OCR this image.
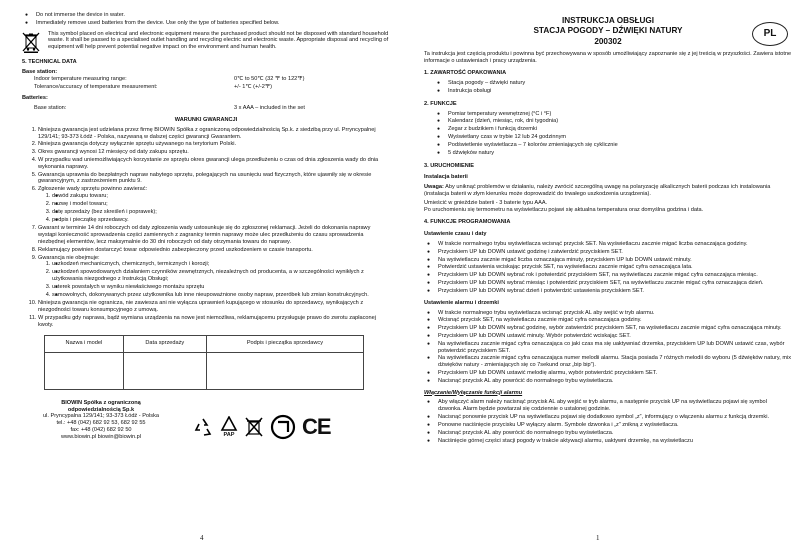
● Do not immerse the device in water.
● Immediately remove used batteries from the device. Use only the type of batteries specified below.

This symbol placed on electrical and electronic equipment means the purchased product should not be disposed with standard household waste. It shall be passed to a specialised outlet handling and recycling electric and electronic waste. Appropriate disposal and recycling of equipment will help prevent potential negative impact on the environment and human health.

5. TECHNICAL DATA
Base station:
Indoor temperature measuring range:	0℃ to 50℃ (32 ℉ to 122℉)
Tolerance/accuracy of temperature measurement:	+/- 1℃ (+/-2℉)
Batteries:
Base station:	3 x AAA – included in the set
WARUNKI GWARANCJI
1. Niniejsza gwarancja jest udzielana przez firmę BIOWIN Spółka z ograniczoną odpowiedzialnością Sp.k. z siedzibą przy ul. Prryncypalnej 129/141; 93-373 Łódź - Polska, nazywaną w dalszej części gwarancji Gwarantem.
2. Niniejsza gwarancja dotyczy wyłącznie sprzętu używanego na terytorium Polski.
3. Okres gwarancji wynosi 12 miesięcy od daty zakupu sprzętu.
4. W przypadku wad uniemożliwiających korzystanie ze sprzętu okres gwarancji ulega przedłużeniu o czas od dnia zgłoszenia wady do dnia wykonania naprawy.
5. Gwarancja uprawnia do bezpłatnych napraw nabytego sprzętu, polegających na usunięciu wad fizycznych, które ujawniły się w okresie gwarancyjnym, z zastrzeżeniem punktu 9.
6. Zgłoszenie wady sprzętu powinno zawierać:
● 1. dowód zakupu towaru;
● 2. nazwę i model towaru;
● 3. datę sprzedaży (bez skreśleń i poprawek);
● 4. podpis i pieczątkę sprzedawcy.
7. Gwarant w terminie 14 dni roboczych od daty zgłoszenia wady ustosunkuje się do zgłoszonej reklamacji. Jeżeli do dokonania naprawy wystąpi konieczność sprowadzenia części zamiennych z zagranicy termin naprawy może ulec przedłużeniu do czasu sprowadzenia niezbędnej elementów, lecz maksymalnie do 30 dni roboczych od daty otrzymania towaru do naprawy.
8. Reklamujący powinien dostarczyć towar odpowiednio zabezpieczony przed uszkodzeniem w czasie transportu.
9. Gwarancja nie obejmuje:
● 1. uszkodzeń mechanicznych, chemicznych, termicznych i korozji;
● 2. uszkodzeń spowodowanych działaniem czynników zewnętrznych, niezależnych od producenta, a w szczególności wynikłych z użytkowania niezgodnego z Instrukcją Obsługi;
● 3. usterek powstałych w wyniku niewłaściwego montażu sprzętu
● 4. samowolnych, dokonywanych przez użytkownika lub inne nieupoważnione osoby napraw, przeróbek lub zmian konstrukcyjnych.
10. Niniejsza gwarancja nie ogranicza, nie zawiesza ani nie wyłącza uprawnień kupującego w stosunku do sprzedawcy, wynikających z niezgodności towaru konsumpcyjnego z umową.
11. W przypadku gdy naprawa, bądź wymiana urządzenia na nowe jest niemożliwa, reklamującemu przysługuje prawo do zwrotu zapłaconej kwoty.
Nazwa i model	Data sprzedaży	Podpis i pieczątka sprzedawcy

BIOWIN Spółka z ograniczoną
odpowiedzialnością Sp.k
ul. Pryncypalna 129/141; 93-373 Łódź - Polska
tel.: +48 (042) 682 92 53, 682 92 55
fax: +48 (042) 682 92 50
www.biowin.pl biowin@biowin.pl	PAP	CE
4
PL
INSTRUKCJA OBSŁUGI
STACJA POGODY – DŹWIĘKI NATURY
200302

Ta instrukcja jest częścią produktu i powinna być przechowywana w sposób umożliwiający zapoznanie się z jej treścią w przyszłości. Zawiera istotne informacje o ustawieniach i pracy urządzenia.

1. ZAWARTOŚĆ OPAKOWANIA
● Stacja pogody – dźwięki natury
● Instrukcja obsługi
2. FUNKCJE
● Pomiar temperatury wewnętrznej (°C i °F)
● Kalendarz (dzień, miesiąc, rok, dni tygodnia)
● Zegar z budzikiem i funkcją drzemki
● Wyświetlany czas w trybie 12 lub 24 godzinnym
● Podświetlenie wyświetlacza – 7 kolorów zmieniających się cyklicznie
● 5 dźwięków natury
3. URUCHOMIENIE
Instalacja baterii

Uwaga: Aby uniknąć problemów w działaniu, należy zwrócić szczególną uwagę na polaryzację alkalicznych baterii podczas ich instalowania (instalacja baterii w złym kierunku może doprowadzić do trwałego uszkodzenia urządzenia).

Umieścić w gnieździe baterii - 3 baterie typu AAA.

Po uruchomieniu się termometru na wyświetlaczu pojawi się aktualna temperatura oraz domyślna godzina i data.

4. FUNKCJE PROGRAMOWANIA
Ustawienie czasu i daty
● W trakcie normalnego trybu wyświetlacza wcisnąć przycisk SET. Na wyświetlaczu zacznie migać liczba oznaczająca godziny.
● Przyciskiem UP lub DOWN ustawić godzinę i zatwierdzić przyciskiem SET.
● Na wyświetlaczu zacznie migać liczba oznaczająca minuty, przyciskiem UP lub DOWN ustawić minuty.
● Potwierdzić ustawienia wciskając przycisk SET, na wyświetlaczu zacznie migać cyfra oznaczająca lata.
● Przyciskiem UP lub DOWN wybrać rok i potwierdzić przyciskiem SET, na wyświetlaczu zacznie migać cyfra oznaczająca miesiąc.
● Przyciskiem UP lub DOWN wybrać miesiąc i potwierdzić przyciskiem SET, na wyświetlaczu zacznie migać cyfra oznaczająca dzień.
● Przyciskiem UP lub DOWN wybrać dzień i potwierdzić ustawienia przyciskiem SET.
Ustawienie alarmu i drzemki
● W trakcie normalnego trybu wyświetlacza wcisnąć przycisk AL aby wejść w tryb alarmu.
● Wcisnąć przycisk SET, na wyświetlaczu zacznie migać cyfra oznaczająca godziny.
● Przyciskiem UP lub DOWN wybrać godzinę, wybór zatwierdzić przyciskiem SET, na wyświetlaczu zacznie migać cyfra oznaczająca minuty.
● Przyciskiem UP lub DOWN ustawić minuty. Wybór potwierdzić wciskając SET.
● Na wyświetlaczu zacznie migać cyfra oznaczająca co jaki czas ma się uaktywniać drzemka, przyciskiem UP lub DOWN ustawić czas, wybór potwierdzić przyciskiem SET.
● Na wyświetlaczu zacznie migać cyfra oznaczająca numer melodii alarmu. Stacja posiada 7 różnych melodii do wyboru (5 dźwięków natury, mix dźwięków natury - zmieniających się co 7sekund oraz „bip bip”).
● Przyciskiem UP lub DOWN ustawić melodię alarmu, wybór potwierdzić przyciskiem SET.
● Nacisnąć przycisk AL aby powrócić do normalnego trybu wyświetlacza.
Włączanie/Wyłączanie funkcji alarmu
● Aby włączyć alarm należy nacisnąć przycisk AL aby wejść w tryb alarmu, a następnie przycisk UP na wyświetlaczu pojawi się symbol dzwonka. Alarm będzie powtarzał się codziennie o ustalonej godzinie.
● Nacisnąć ponownie przycisk UP na wyświetlaczu pojawi się dodatkowo symbol „z”, informujący o włączeniu alarmu z funkcją drzemki.
● Ponowne naciśnięcie przycisku UP wyłączy alarm. Symbole dzwonka i „z” znikną z wyświetlacza.
● Nacisnąć przycisk AL aby powrócić do normalnego trybu wyświetlacza.
● Naciśnięcie górnej części stacji pogody w trakcie aktywacji alarmu, uaktywni drzemkę, na wyświetlaczu
1
